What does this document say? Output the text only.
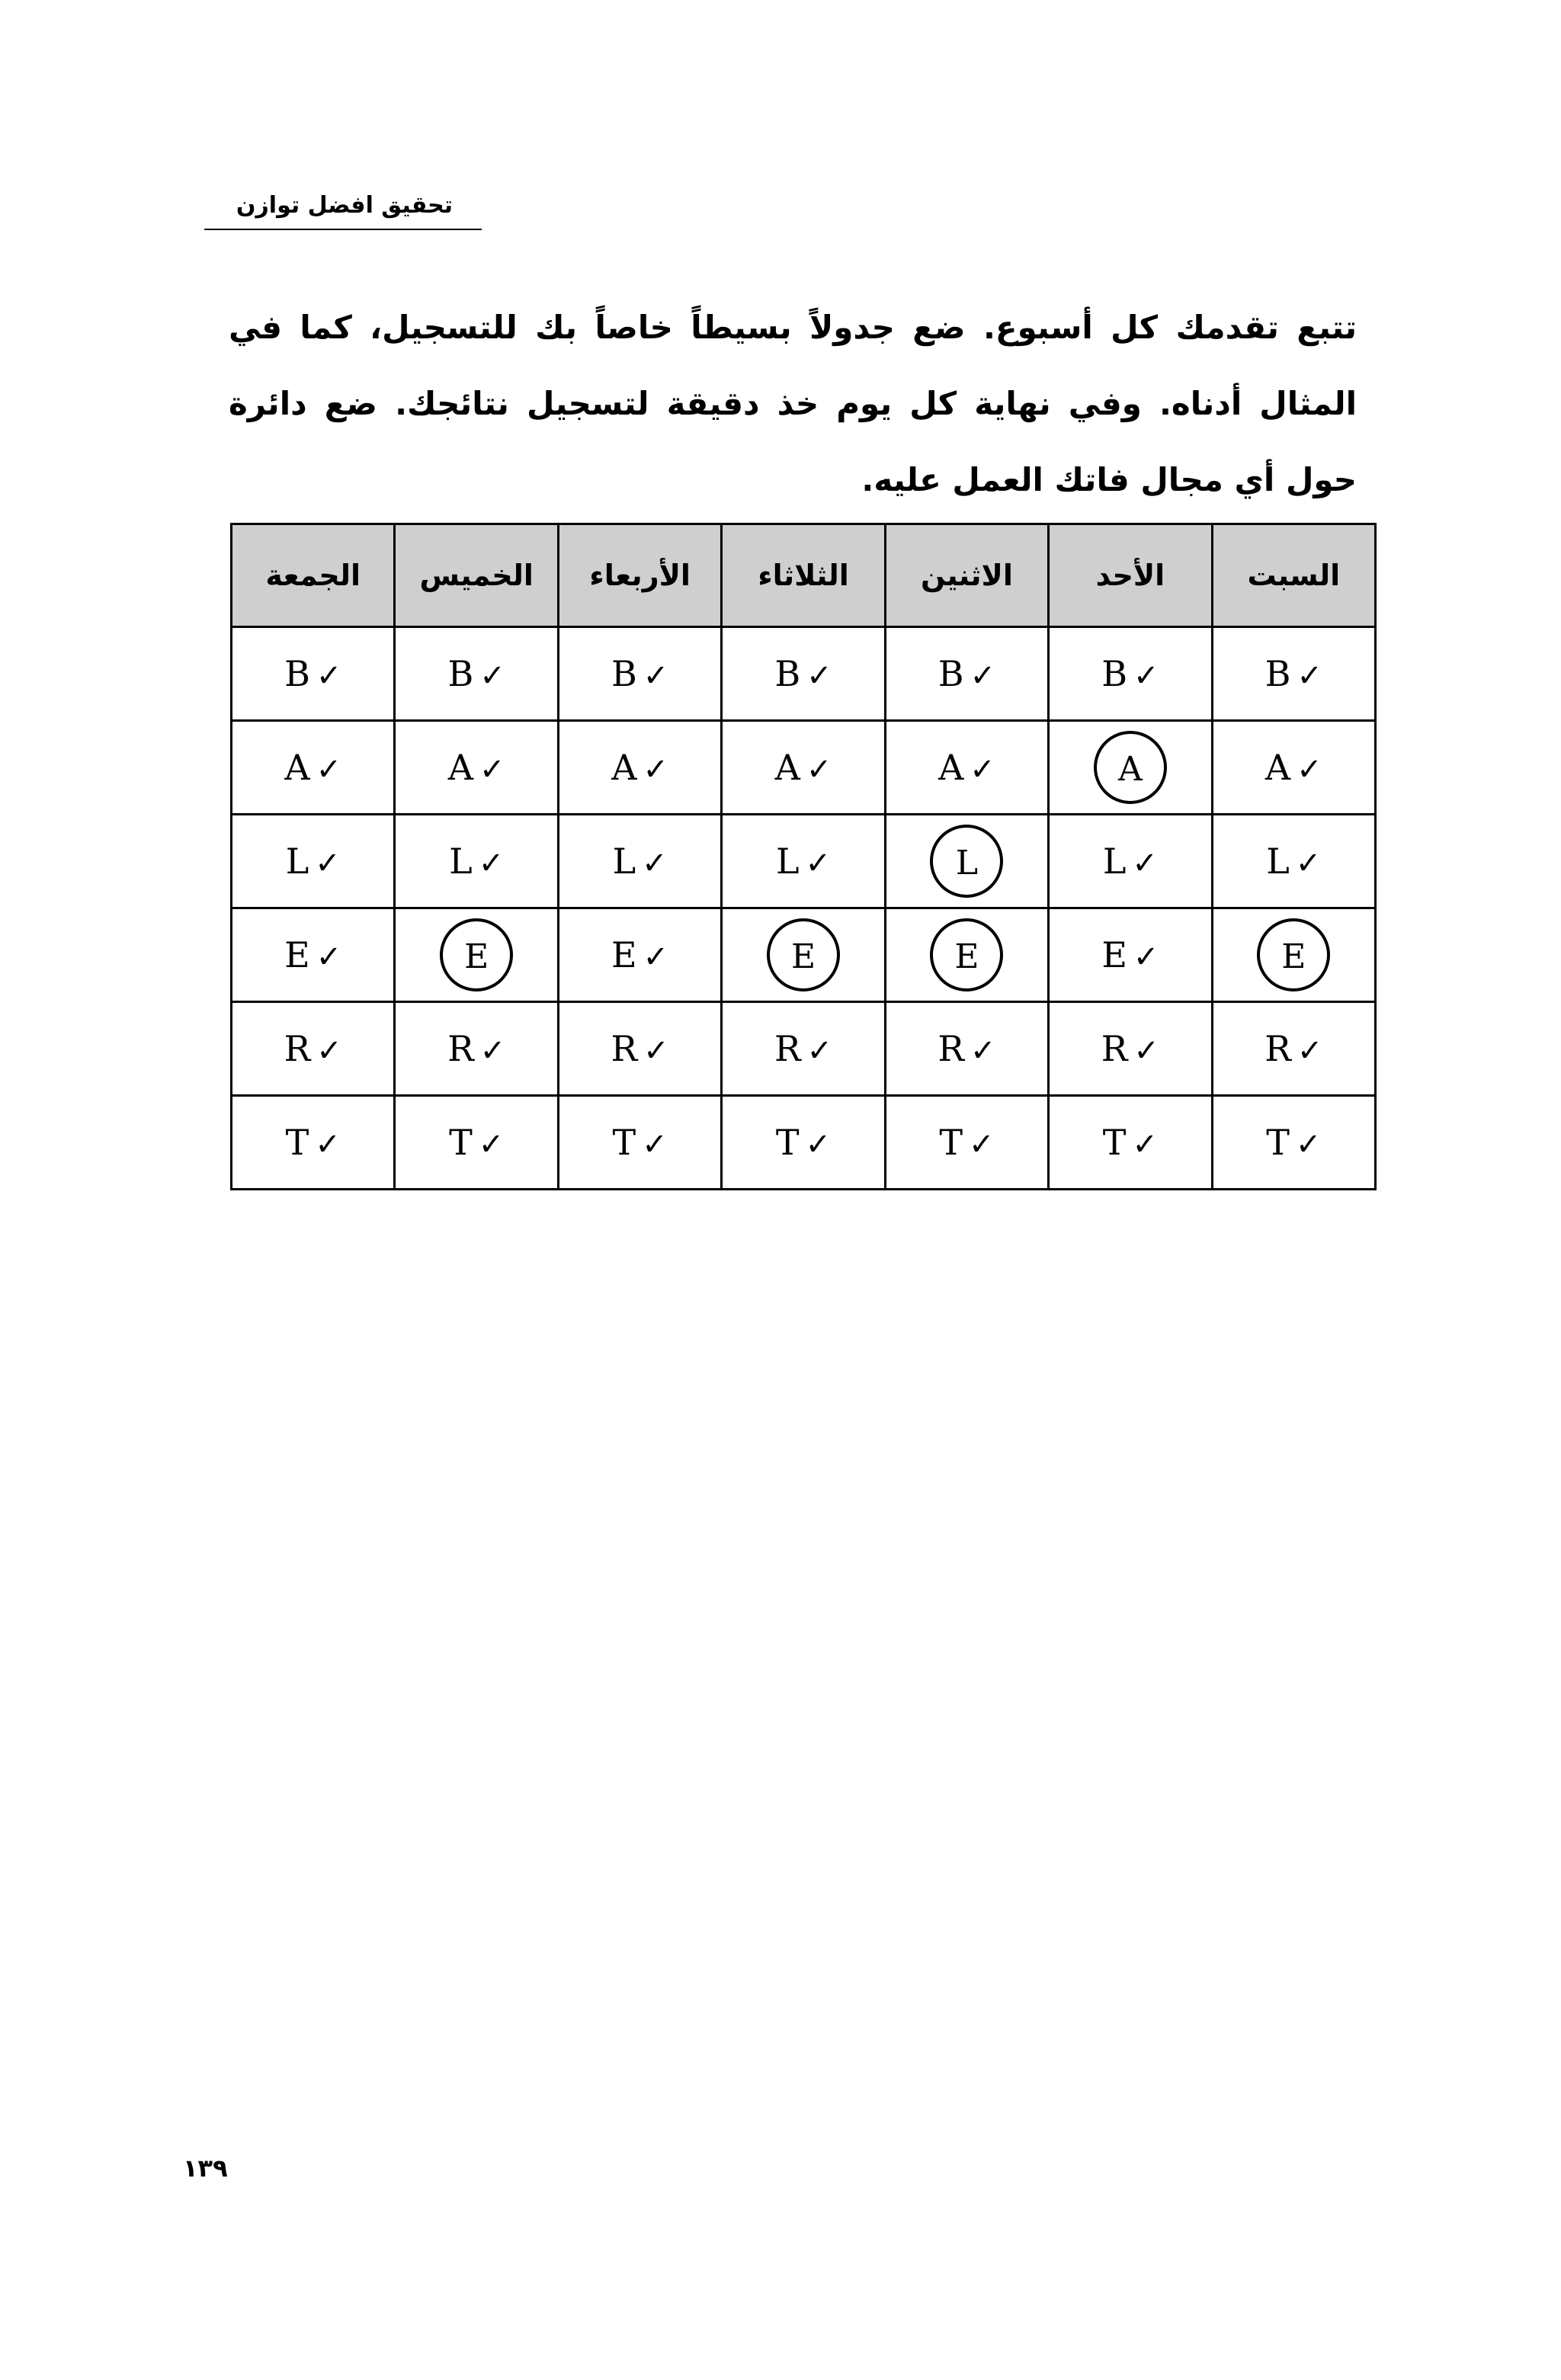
تحقيق افضل توازن

تتبع تقدمك كل أسبوع. ضع جدولاً بسيطاً خاصاً بك للتسجيل، كما في المثال أدناه. وفي نهاية كل يوم خذ دقيقة لتسجيل نتائجك. ضع دائرة حول أي مجال فاتك العمل عليه.

السبت	الأحد	الاثنين	الثلاثاء	الأربعاء	الخميس	الجمعة
B ✓	B ✓	B ✓	B ✓	B ✓	B ✓	B ✓
A ✓	A	A ✓	A ✓	A ✓	A ✓	A ✓
L ✓	L ✓	L	L ✓	L ✓	L ✓	L ✓
E	E ✓	E	E	E ✓	E	E ✓
R ✓	R ✓	R ✓	R ✓	R ✓	R ✓	R ✓
T ✓	T ✓	T ✓	T ✓	T ✓	T ✓	T ✓
١٣٩
